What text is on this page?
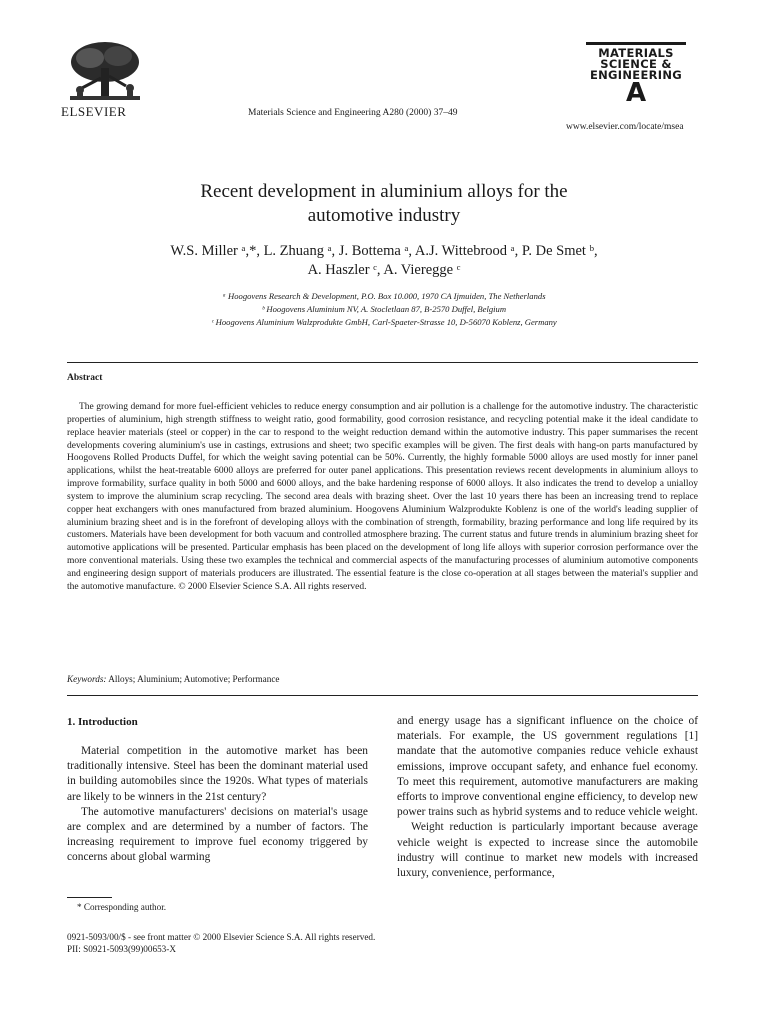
ELSEVIER	Materials Science and Engineering A280 (2000) 37–49
MATERIALS
SCIENCE &
ENGINEERING
A
www.elsevier.com/locate/msea
Recent development in aluminium alloys for the
automotive industry
W.S. Miller ᵃ,*, L. Zhuang ᵃ, J. Bottema ᵃ, A.J. Wittebrood ᵃ, P. De Smet ᵇ,
A. Haszler ᶜ, A. Vieregge ᶜ
ᵃ Hoogovens Research & Development, P.O. Box 10.000, 1970 CA Ijmuiden, The Netherlands
ᵇ Hoogovens Aluminium NV, A. Stocletlaan 87, B-2570 Duffel, Belgium
ᶜ Hoogovens Aluminium Walzprodukte GmbH, Carl-Spaeter-Strasse 10, D-56070 Koblenz, Germany
Abstract
The growing demand for more fuel-efficient vehicles to reduce energy consumption and air pollution is a challenge for the automotive industry. The characteristic properties of aluminium, high strength stiffness to weight ratio, good formability, good corrosion resistance, and recycling potential make it the ideal candidate to replace heavier materials (steel or copper) in the car to respond to the weight reduction demand within the automotive industry. This paper summarises the recent developments covering aluminium's use in castings, extrusions and sheet; two specific examples will be given. The first deals with hang-on parts manufactured by Hoogovens Rolled Products Duffel, for which the weight saving potential can be 50%. Currently, the highly formable 5000 alloys are used mostly for inner panel applications, whilst the heat-treatable 6000 alloys are preferred for outer panel applications. This presentation reviews recent developments in aluminium alloys to improve formability, surface quality in both 5000 and 6000 alloys, and the bake hardening response of 6000 alloys. It also indicates the trend to develop a unialloy system to improve the aluminium scrap recycling. The second area deals with brazing sheet. Over the last 10 years there has been an increasing trend to replace copper heat exchangers with ones manufactured from brazed aluminium. Hoogovens Aluminium Walzprodukte Koblenz is one of the world's leading supplier of aluminium brazing sheet and is in the forefront of developing alloys with the combination of strength, formability, brazing performance and long life required by its customers. Materials have been development for both vacuum and controlled atmosphere brazing. The current status and future trends in aluminium brazing sheet for automotive applications will be presented. Particular emphasis has been placed on the development of long life alloys with superior corrosion performance over the more conventional materials. Using these two examples the technical and commercial aspects of the manufacturing processes of aluminium automotive components and engineering design support of materials producers are illustrated. The essential feature is the close co-operation at all stages between the material's supplier and the automotive manufacture. © 2000 Elsevier Science S.A. All rights reserved.
Keywords: Alloys; Aluminium; Automotive; Performance
1. Introduction

Material competition in the automotive market has been traditionally intensive. Steel has been the dominant material used in building automobiles since the 1920s. What types of materials are likely to be winners in the 21st century?

The automotive manufacturers' decisions on material's usage are complex and are determined by a number of factors. The increasing requirement to improve fuel economy triggered by concerns about global warming

and energy usage has a significant influence on the choice of materials. For example, the US government regulations [1] mandate that the automotive companies reduce vehicle exhaust emissions, improve occupant safety, and enhance fuel economy. To meet this requirement, automotive manufacturers are making efforts to improve conventional engine efficiency, to develop new power trains such as hybrid systems and to reduce vehicle weight.

Weight reduction is particularly important because average vehicle weight is expected to increase since the automobile industry will continue to market new models with increased luxury, convenience, performance,

* Corresponding author.
0921-5093/00/$ - see front matter © 2000 Elsevier Science S.A. All rights reserved.
PII: S0921-5093(99)00653-X
